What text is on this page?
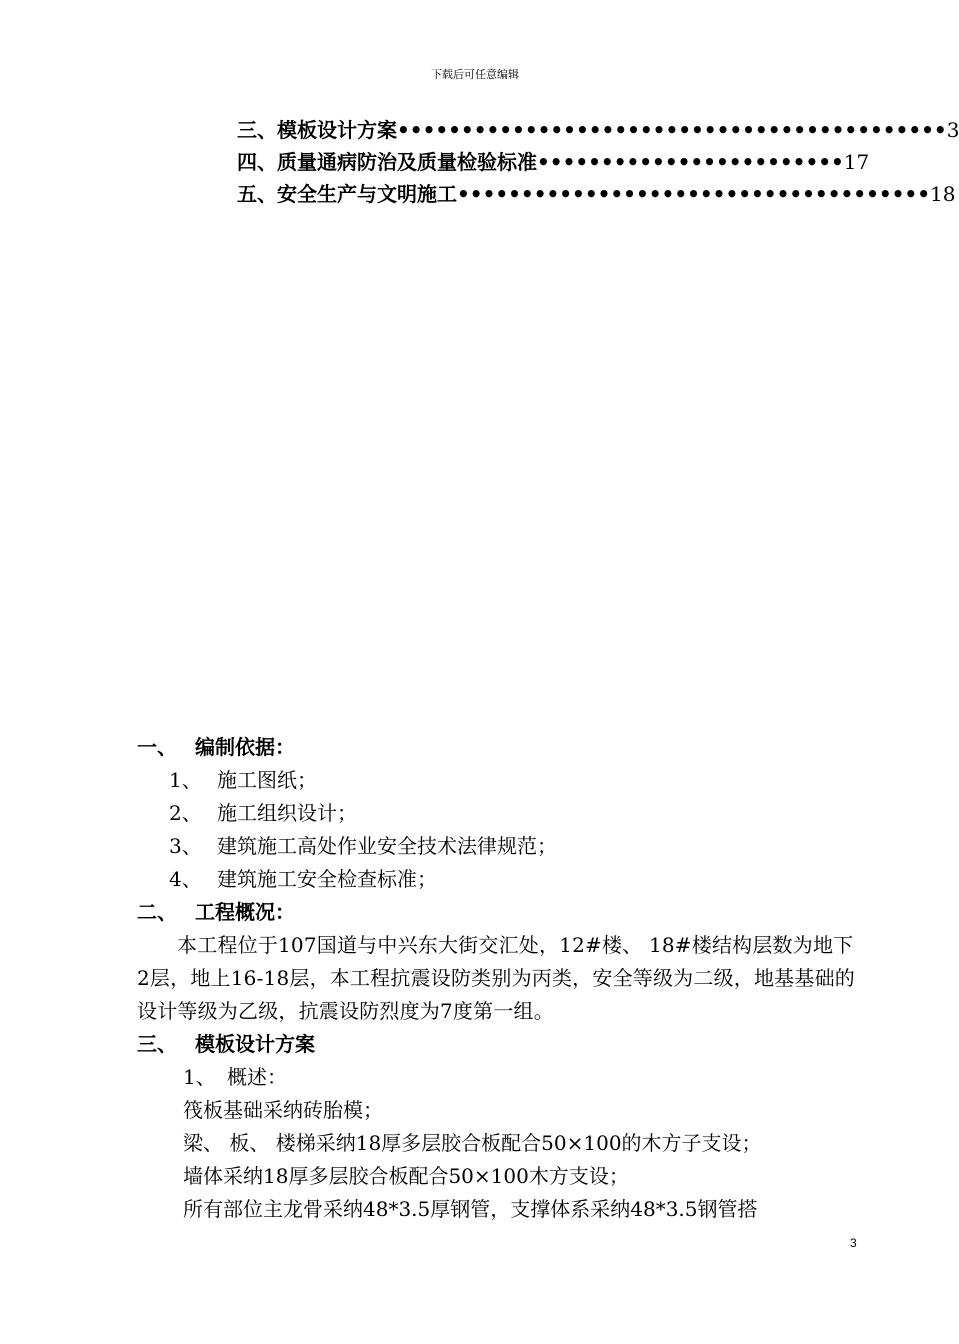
下载后可任意编辑
三、 模板设计方案 ••••••••••••••••••••••••••••••••••••••••••• 3
四、 质量通病防治及质量检验标准 •••••••••••••••••••••••• 17
五、 安全生产与文明施工 ••••••••••••••••••••••••••••••••••••• 18
一、 编制依据：
1、 施工图纸；
2、 施工组织设计；
3、 建筑施工高处作业安全技术法律规范；
4、 建筑施工安全检查标准；
二、 工程概况：
本工程位于107国道与中兴东大街交汇处，12#楼、 18#楼结构层数为地下2层，地上16-18层，本工程抗震设防类别为丙类，安全等级为二级，地基基础的设计等级为乙级，抗震设防烈度为7度第一组。
三、 模板设计方案
1、 概述：
筏板基础采纳砖胎模；
梁、 板、 楼梯采纳18厚多层胶合板配合50×100的木方子支设；
墙体采纳18厚多层胶合板配合50×100木方支设；
所有部位主龙骨采纳48*3.5厚钢管，支撑体系采纳48*3.5钢管搭
3
